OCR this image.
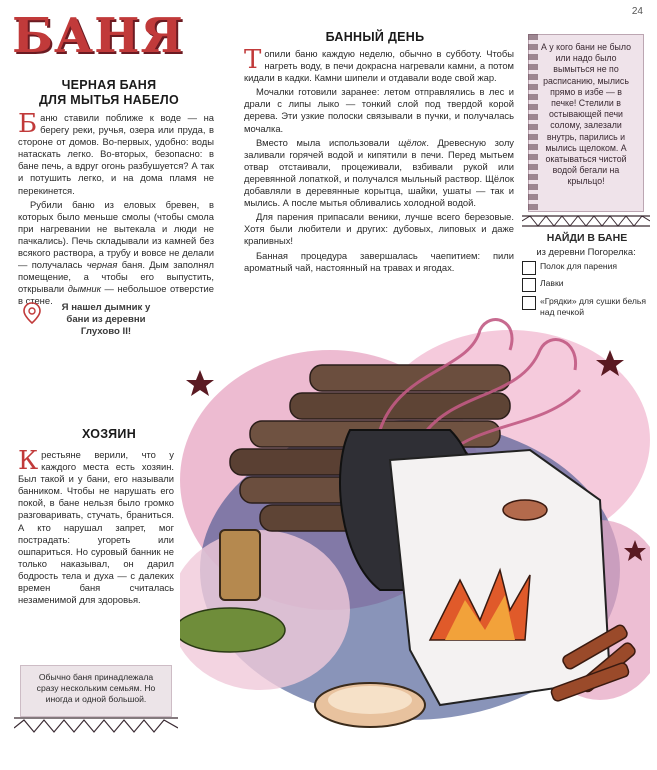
24
БАНЯ
ЧЕРНАЯ БАНЯ
ДЛЯ МЫТЬЯ НАБЕЛО

Баню ставили поближе к воде — на берегу реки, ручья, озера или пруда, в стороне от домов. Во-первых, удобно: воды натаскать легко. Во-вторых, безопасно: в бане печь, а вдруг огонь разбушуется? А так и потушить легко, и на дома пламя не перекинется.

Рубили баню из еловых бревен, в которых было меньше смолы (чтобы смола при нагревании не вытекала и люди не пачкались). Печь складывали из камней без всякого раствора, а трубу и вовсе не делали — получалась черная баня. Дым заполнял помещение, а чтобы его выпустить, открывали дымник — небольшое отверстие в стене.

Я нашел дымник у бани из деревни Глухово II!
БАННЫЙ ДЕНЬ

Топили баню каждую неделю, обычно в субботу. Чтобы нагреть воду, в печи докрасна нагревали камни, а потом кидали в кадки. Камни шипели и отдавали воде свой жар.

Мочалки готовили заранее: летом отправлялись в лес и драли с липы лыко — тонкий слой под твердой корой дерева. Эти узкие полоски связывали в пучки, и получалась мочалка.

Вместо мыла использовали щёлок. Древесную золу заливали горячей водой и кипятили в печи. Перед мытьем отвар отстаивали, процеживали, взбивали рукой или деревянной лопаткой, и получался мыльный раствор. Щёлок добавляли в деревянные корытца, шайки, ушаты — так и мылись. А после мытья обливались холодной водой.

Для парения припасали веники, лучше всего березовые. Хотя были любители и других: дубовых, липовых и даже крапивных!

Банная процедура завершалась чаепитием: пили ароматный чай, настоянный на травах и ягодах.

А у кого бани не было или надо было вымыться не по расписанию, мылись прямо в избе — в печке! Стелили в остывающей печи солому, залезали внутрь, парились и мылись щелоком. А окатываться чистой водой бегали на крыльцо!
НАЙДИ В БАНЕ
из деревни Погорелка:
Полок для парения
Лавки
«Грядки» для сушки белья над печкой
ХОЗЯИН

Крестьяне верили, что у каждого места есть хозяин. Был такой и у бани, его называли банником. Чтобы не нарушать его покой, в бане нельзя было громко разговаривать, стучать, браниться. А кто нарушал запрет, мог пострадать: угореть или ошпариться. Но суровый банник не только наказывал, он дарил бодрость тела и духа — с далеких времен баня считалась незаменимой для здоровья.

Обычно баня принадлежала сразу нескольким семьям. Но иногда и одной большой.
